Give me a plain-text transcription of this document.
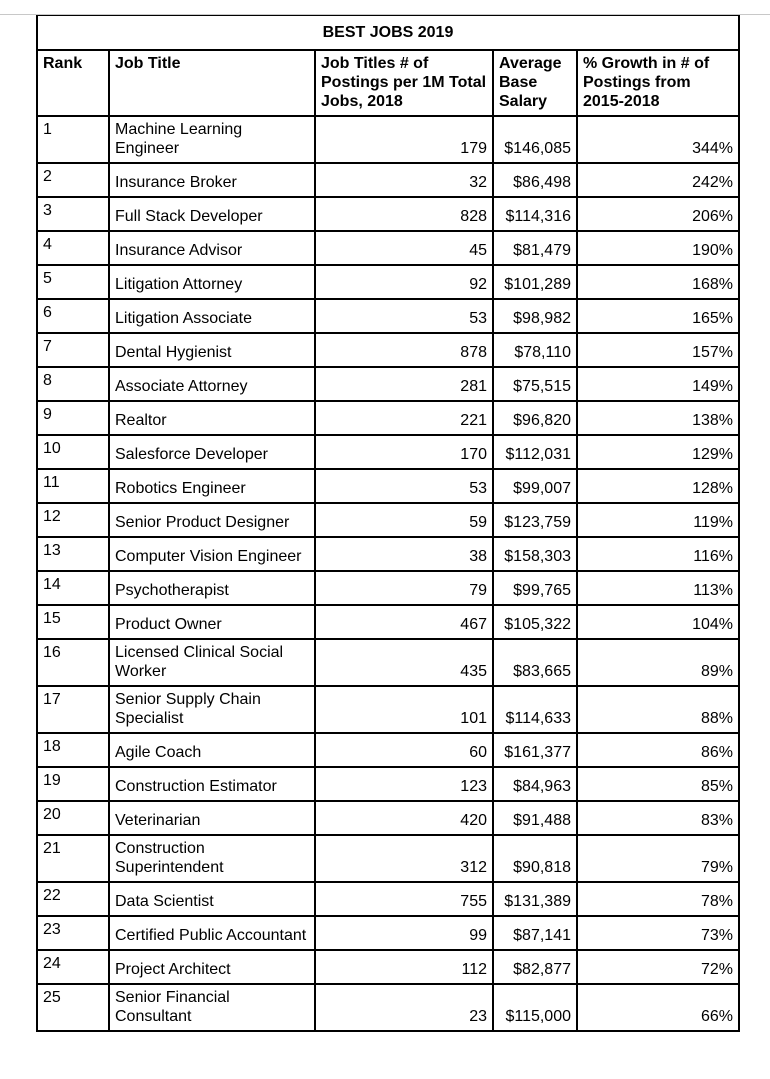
BEST JOBS 2019				
Rank	Job Title	Job Titles # of Postings per 1M Total Jobs, 2018	Average Base Salary	% Growth in # of Postings from 2015-2018
1	Machine Learning Engineer	179	$146,085	344%
2	Insurance Broker	32	$86,498	242%
3	Full Stack Developer	828	$114,316	206%
4	Insurance Advisor	45	$81,479	190%
5	Litigation Attorney	92	$101,289	168%
6	Litigation Associate	53	$98,982	165%
7	Dental Hygienist	878	$78,110	157%
8	Associate Attorney	281	$75,515	149%
9	Realtor	221	$96,820	138%
10	Salesforce Developer	170	$112,031	129%
11	Robotics Engineer	53	$99,007	128%
12	Senior Product Designer	59	$123,759	119%
13	Computer Vision Engineer	38	$158,303	116%
14	Psychotherapist	79	$99,765	113%
15	Product Owner	467	$105,322	104%
16	Licensed Clinical Social Worker	435	$83,665	89%
17	Senior Supply Chain Specialist	101	$114,633	88%
18	Agile Coach	60	$161,377	86%
19	Construction Estimator	123	$84,963	85%
20	Veterinarian	420	$91,488	83%
21	Construction Superintendent	312	$90,818	79%
22	Data Scientist	755	$131,389	78%
23	Certified Public Accountant	99	$87,141	73%
24	Project Architect	112	$82,877	72%
25	Senior Financial Consultant	23	$115,000	66%
